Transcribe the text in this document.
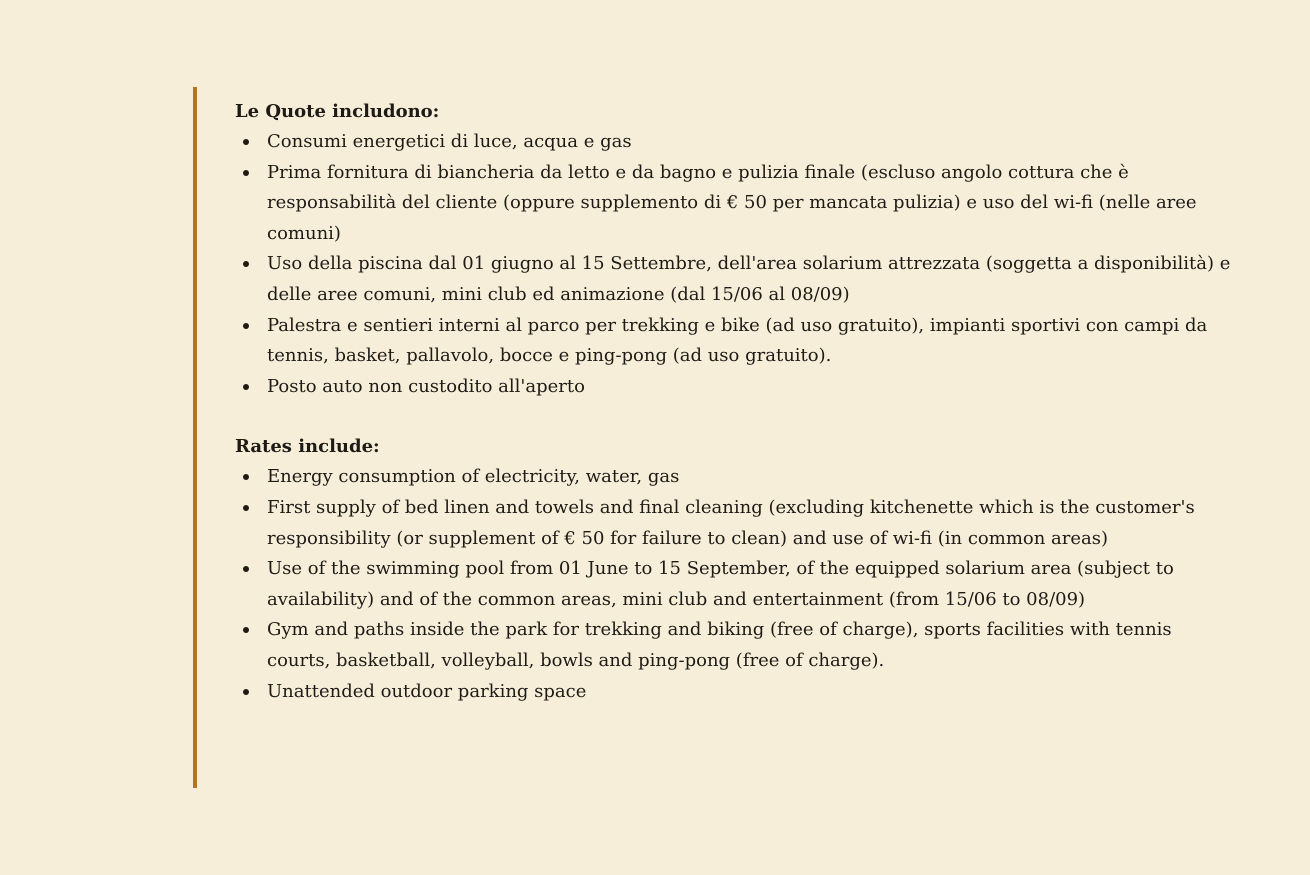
Le Quote includono:

Consumi energetici di luce, acqua e gas
Prima fornitura di biancheria da letto e da bagno e pulizia finale (escluso angolo cottura che è responsabilità del cliente (oppure supplemento di € 50 per mancata pulizia) e uso del wi-fi (nelle aree comuni)
Uso della piscina dal 01 giugno al 15 Settembre, dell'area solarium attrezzata (soggetta a disponibilità) e delle aree comuni, mini club ed animazione (dal 15/06 al 08/09)
Palestra e sentieri interni al parco per trekking e bike (ad uso gratuito), impianti sportivi con campi da tennis, basket, pallavolo, bocce e ping-pong (ad uso gratuito).
Posto auto non custodito all'aperto

Rates include:

Energy consumption of electricity, water, gas
First supply of bed linen and towels and final cleaning (excluding kitchenette which is the customer's responsibility (or supplement of € 50 for failure to clean) and use of wi-fi (in common areas)
Use of the swimming pool from 01 June to 15 September, of the equipped solarium area (subject to availability) and of the common areas, mini club and entertainment (from 15/06 to 08/09)
Gym and paths inside the park for trekking and biking (free of charge), sports facilities with tennis courts, basketball, volleyball, bowls and ping-pong (free of charge).
Unattended outdoor parking space
